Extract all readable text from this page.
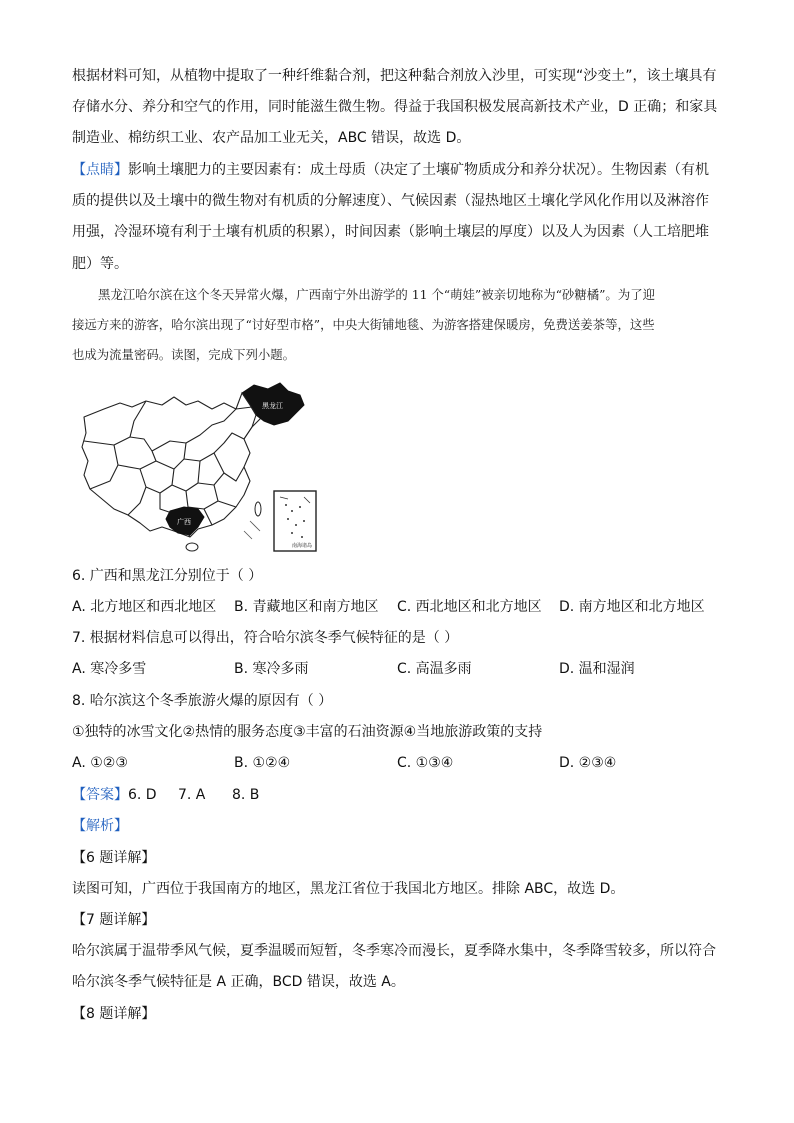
根据材料可知，从植物中提取了一种纤维黏合剂，把这种黏合剂放入沙里，可实现“沙变土”，该土壤具有
存储水分、养分和空气的作用，同时能滋生微生物。得益于我国积极发展高新技术产业，D 正确；和家具
制造业、棉纺织工业、农产品加工业无关，ABC 错误，故选 D。

【点睛】影响土壤肥力的主要因素有：成土母质（决定了土壤矿物质成分和养分状况）。生物因素（有机
质的提供以及土壤中的微生物对有机质的分解速度）、气候因素（湿热地区土壤化学风化作用以及淋溶作
用强，冷湿环境有利于土壤有机质的积累），时间因素（影响土壤层的厚度）以及人为因素（人工培肥堆
肥）等。

黑龙江哈尔滨在这个冬天异常火爆，广西南宁外出游学的 11 个“萌娃”被亲切地称为“砂糖橘”。为了迎
接远方来的游客，哈尔滨出现了“讨好型市格”，中央大街铺地毯、为游客搭建保暖房，免费送姜茶等，这些
也成为流量密码。读图，完成下列小题。

黑龙江
广西
南海诸岛
6. 广西和黑龙江分别位于（ ）
A. 北方地区和西北地区 B. 青藏地区和南方地区 C. 西北地区和北方地区 D. 南方地区和北方地区
7. 根据材料信息可以得出，符合哈尔滨冬季气候特征的是（ ）
A. 寒冷多雪	B. 寒冷多雨	C. 高温多雨	D. 温和湿润
8. 哈尔滨这个冬季旅游火爆的原因有（ ）
①独特的冰雪文化②热情的服务态度③丰富的石油资源④当地旅游政策的支持
A. ①②③	B. ①②④	C. ①③④	D. ②③④
【答案】 6. D 7. A 8. B
【解析】
【6 题详解】
读图可知，广西位于我国南方的地区，黑龙江省位于我国北方地区。排除 ABC，故选 D。
【7 题详解】
哈尔滨属于温带季风气候，夏季温暖而短暂，冬季寒冷而漫长，夏季降水集中，冬季降雪较多，所以符合
哈尔滨冬季气候特征是 A 正确，BCD 错误，故选 A。
【8 题详解】
